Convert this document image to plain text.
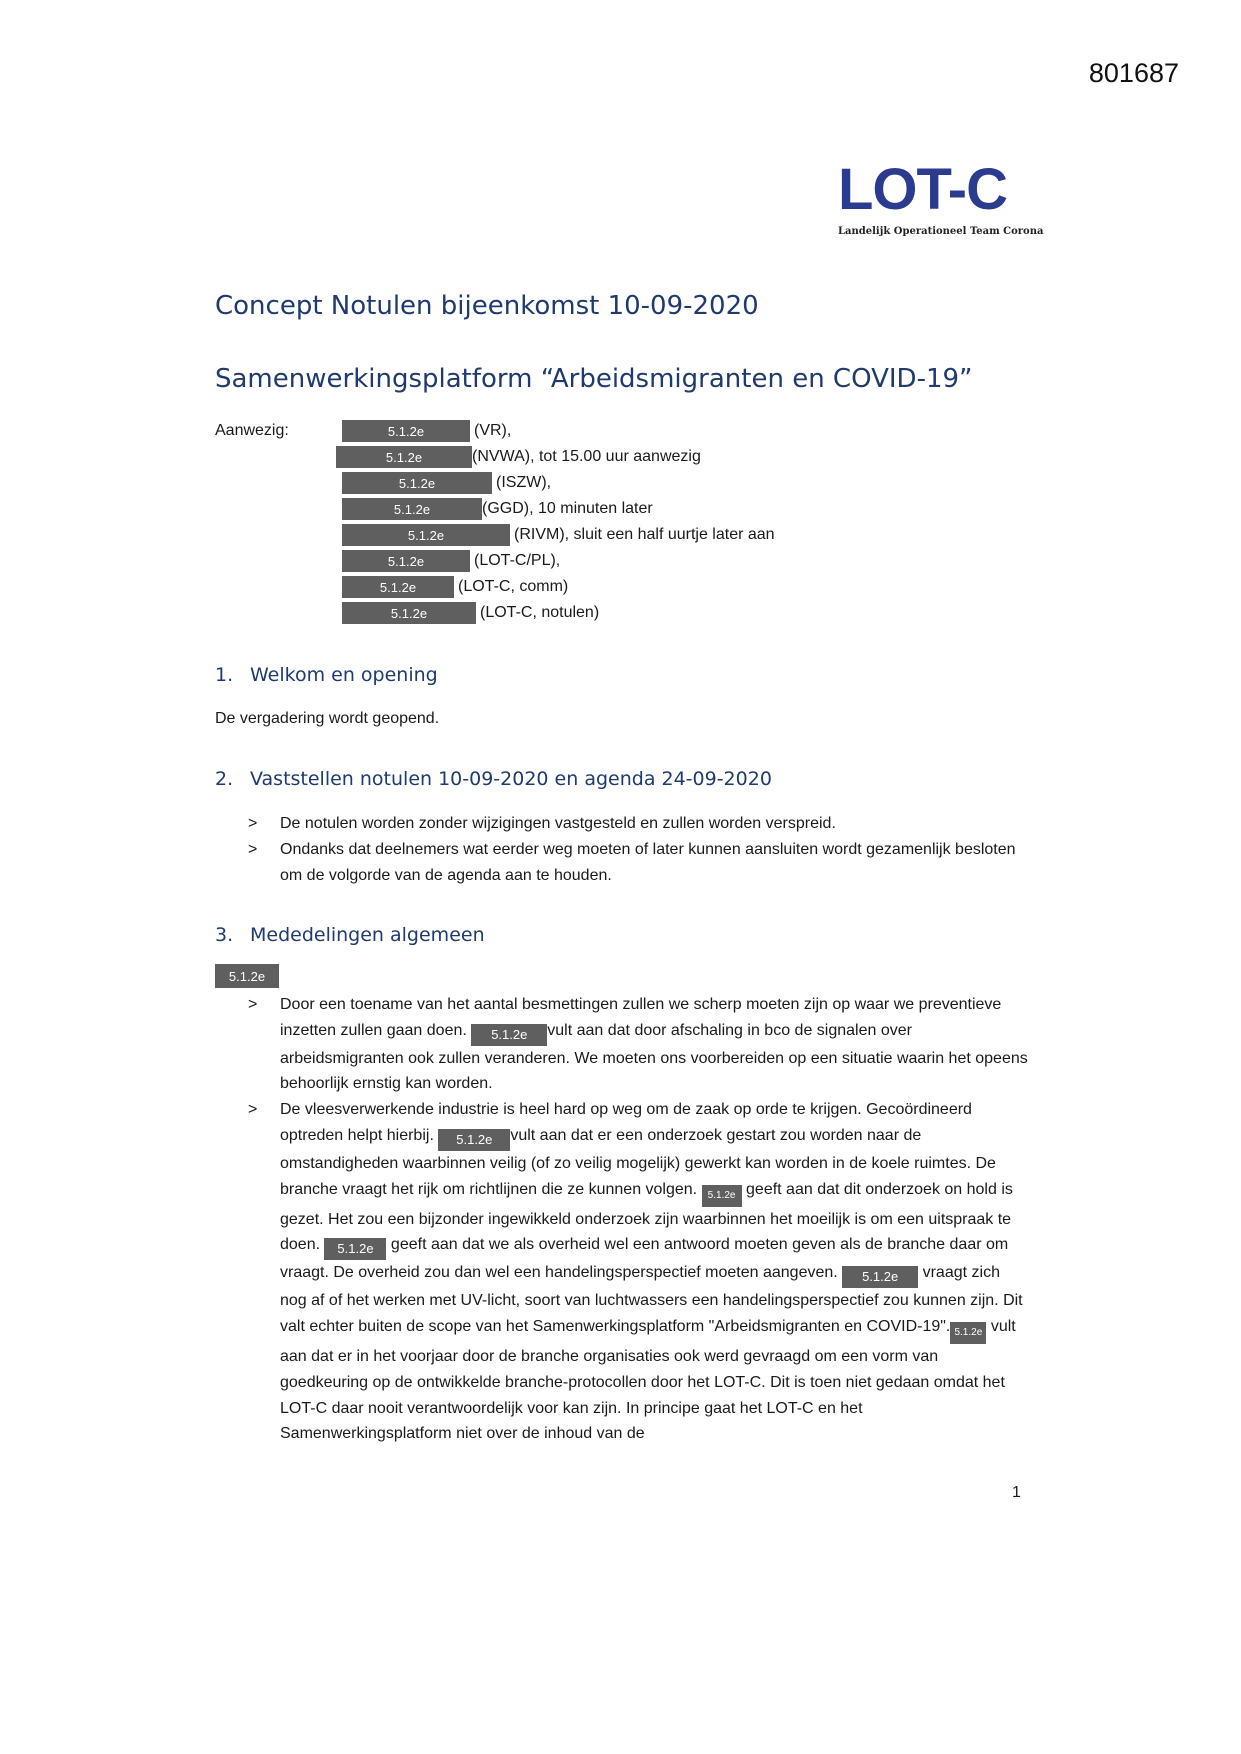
801687
LOT-C
Landelijk Operationeel Team Corona
Concept Notulen bijeenkomst 10-09-2020
Samenwerkingsplatform “Arbeidsmigranten en COVID-19”
Aanwezig:	5.1.2e	(VR),
5.1.2e	(NVWA), tot 15.00 uur aanwezig
5.1.2e	(ISZW),
5.1.2e	(GGD), 10 minuten later
5.1.2e	(RIVM), sluit een half uurtje later aan
5.1.2e	(LOT-C/PL),
5.1.2e	(LOT-C, comm)
5.1.2e	(LOT-C, notulen)
1. Welkom en opening
De vergadering wordt geopend.
2. Vaststellen notulen 10-09-2020 en agenda 24-09-2020
> De notulen worden zonder wijzigingen vastgesteld en zullen worden verspreid.
> Ondanks dat deelnemers wat eerder weg moeten of later kunnen aansluiten wordt gezamenlijk besloten om de volgorde van de agenda aan te houden.
3. Mededelingen algemeen
5.1.2e
> Door een toename van het aantal besmettingen zullen we scherp moeten zijn op waar we preventieve inzetten zullen gaan doen. 5.1.2e vult aan dat door afschaling in bco de signalen over arbeidsmigranten ook zullen veranderen. We moeten ons voorbereiden op een situatie waarin het opeens behoorlijk ernstig kan worden.
> De vleesverwerkende industrie is heel hard op weg om de zaak op orde te krijgen. Gecoördineerd optreden helpt hierbij. 5.1.2e vult aan dat er een onderzoek gestart zou worden naar de omstandigheden waarbinnen veilig (of zo veilig mogelijk) gewerkt kan worden in de koele ruimtes. De branche vraagt het rijk om richtlijnen die ze kunnen volgen. 5.1.2e geeft aan dat dit onderzoek on hold is gezet. Het zou een bijzonder ingewikkeld onderzoek zijn waarbinnen het moeilijk is om een uitspraak te doen. 5.1.2e geeft aan dat we als overheid wel een antwoord moeten geven als de branche daar om vraagt. De overheid zou dan wel een handelingsperspectief moeten aangeven. 5.1.2e vraagt zich nog af of het werken met UV-licht, soort van luchtwassers een handelingsperspectief zou kunnen zijn. Dit valt echter buiten de scope van het Samenwerkingsplatform "Arbeidsmigranten en COVID-19". 5.1.2e vult aan dat er in het voorjaar door de branche organisaties ook werd gevraagd om een vorm van goedkeuring op de ontwikkelde branche-protocollen door het LOT-C. Dit is toen niet gedaan omdat het LOT-C daar nooit verantwoordelijk voor kan zijn. In principe gaat het LOT-C en het Samenwerkingsplatform niet over de inhoud van de
1
